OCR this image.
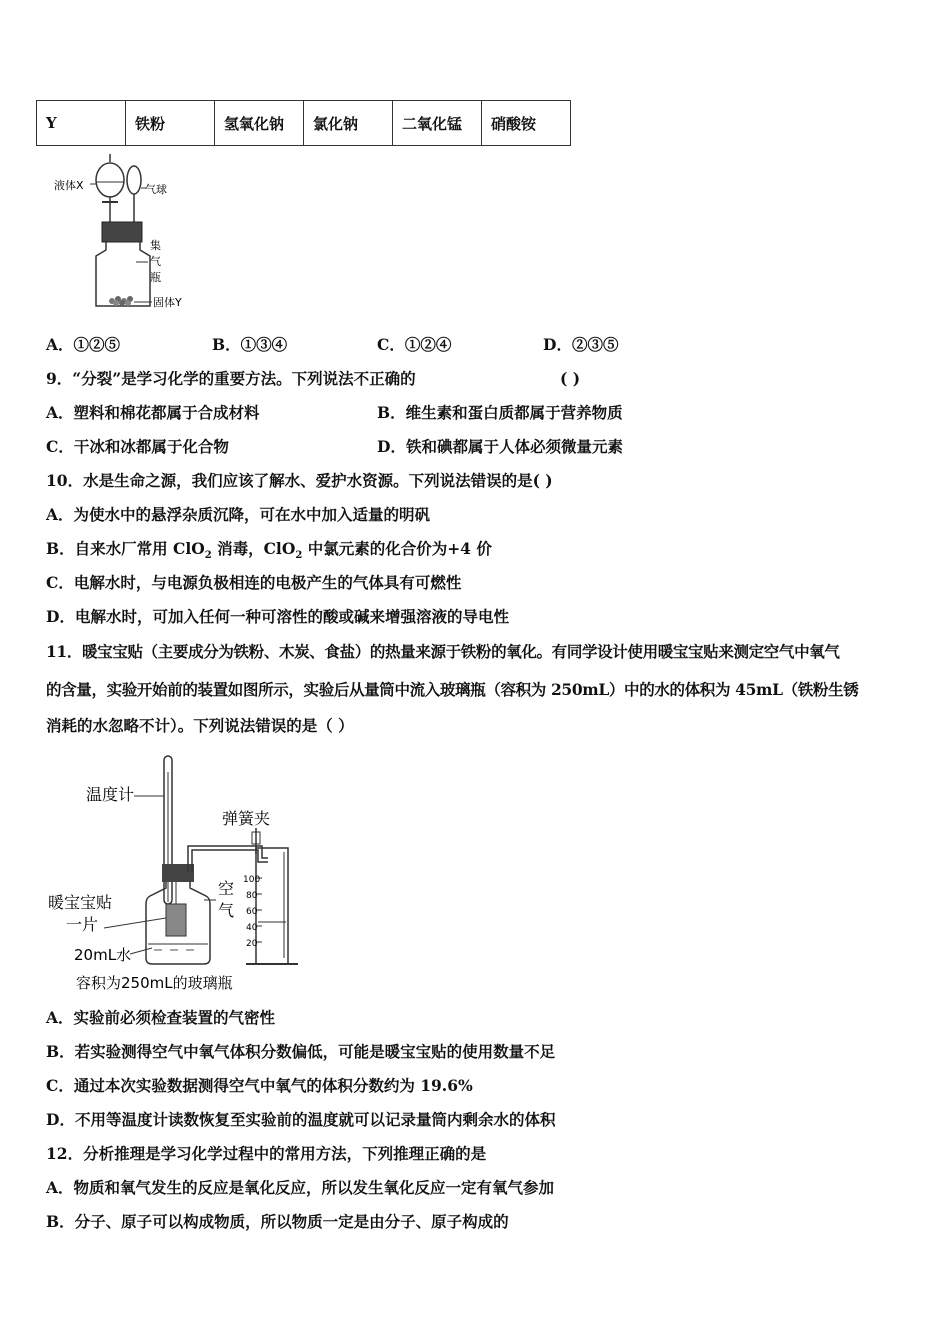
Y	铁粉	氢氧化钠	氯化钠	二氧化锰	硝酸铵
液体X	气球
集
气
瓶
固体Y
A．①②⑤	B．①③④	C．①②④	D．②③⑤
9．“分裂”是学习化学的重要方法。下列说法不正确的	( )
A．塑料和棉花都属于合成材料	B．维生素和蛋白质都属于营养物质
C．干冰和冰都属于化合物	D．铁和碘都属于人体必须微量元素
10．水是生命之源，我们应该了解水、爱护水资源。下列说法错误的是( )
A．为使水中的悬浮杂质沉降，可在水中加入适量的明矾
B．自来水厂常用 ClO$_2$ 消毒，ClO$_2$ 中氯元素的化合价为+4 价
C．电解水时，与电源负极相连的电极产生的气体具有可燃性
D．电解水时，可加入任何一种可溶性的酸或碱来增强溶液的导电性
11．暖宝宝贴（主要成分为铁粉、木炭、食盐）的热量来源于铁粉的氧化。有同学设计使用暖宝宝贴来测定空气中氧气
的含量，实验开始前的装置如图所示，实验后从量筒中流入玻璃瓶（容积为 250mL）中的水的体积为 45mL（铁粉生锈
消耗的水忽略不计）。下列说法错误的是（ ）
100
80
60
40
20
温度计
弹簧夹
暖宝宝贴
一片
空
气
20mL水
容积为250mL的玻璃瓶
A．实验前必须检查装置的气密性
B．若实验测得空气中氧气体积分数偏低，可能是暖宝宝贴的使用数量不足
C．通过本次实验数据测得空气中氧气的体积分数约为 19.6%
D．不用等温度计读数恢复至实验前的温度就可以记录量筒内剩余水的体积
12．分析推理是学习化学过程中的常用方法，下列推理正确的是
A．物质和氧气发生的反应是氧化反应，所以发生氧化反应一定有氧气参加
B．分子、原子可以构成物质，所以物质一定是由分子、原子构成的
